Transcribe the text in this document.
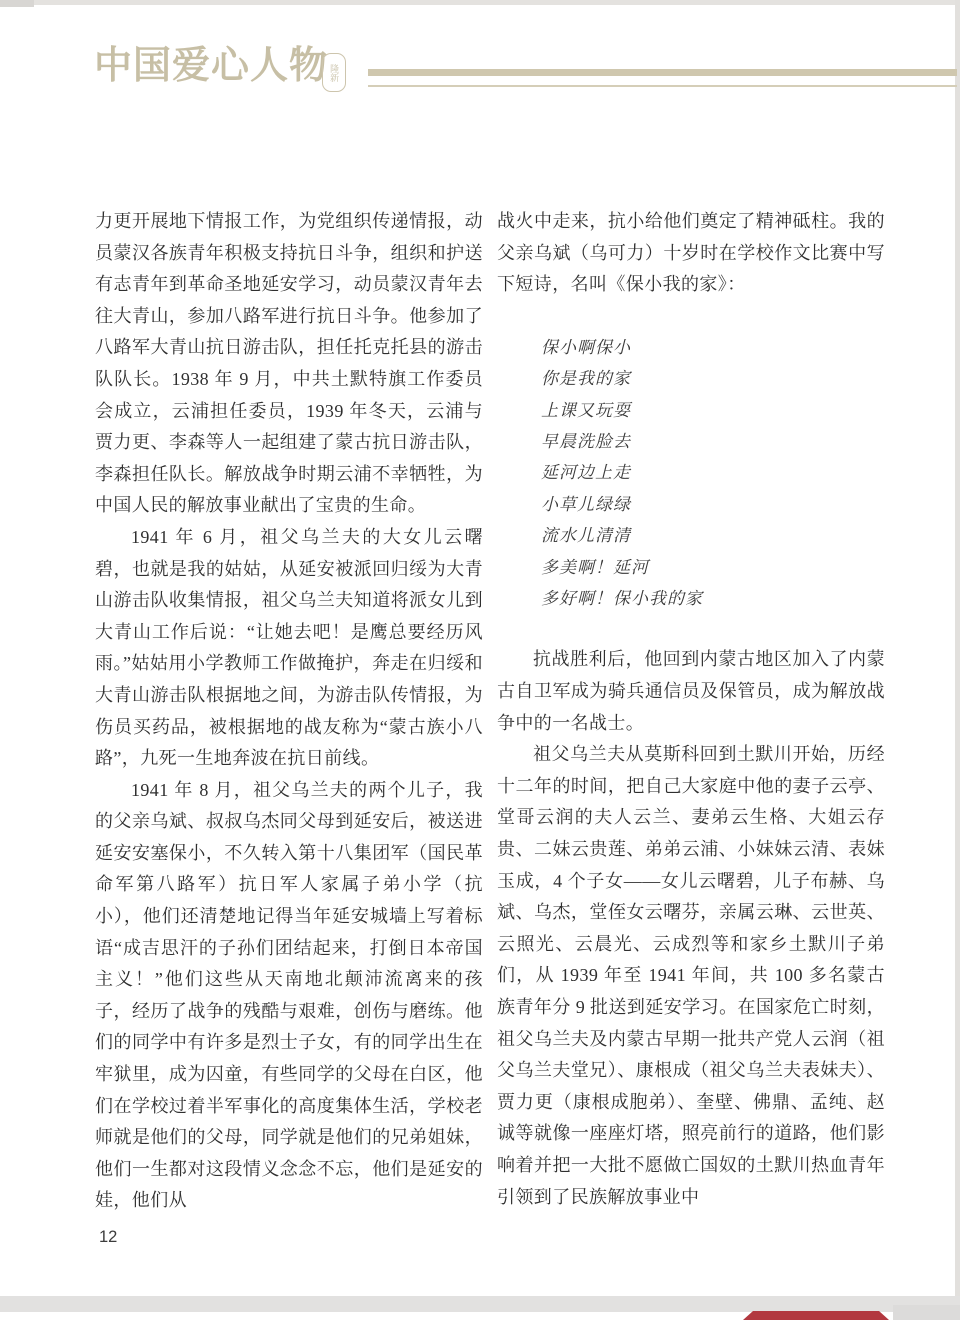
中国爱心人物 隆新

力更开展地下情报工作，为党组织传递情报，动员蒙汉各族青年积极支持抗日斗争，组织和护送有志青年到革命圣地延安学习，动员蒙汉青年去往大青山，参加八路军进行抗日斗争。他参加了八路军大青山抗日游击队，担任托克托县的游击队队长。1938 年 9 月，中共土默特旗工作委员会成立，云浦担任委员，1939 年冬天，云浦与贾力更、李森等人一起组建了蒙古抗日游击队，李森担任队长。解放战争时期云浦不幸牺牲，为中国人民的解放事业献出了宝贵的生命。

1941 年 6 月，祖父乌兰夫的大女儿云曙碧，也就是我的姑姑，从延安被派回归绥为大青山游击队收集情报，祖父乌兰夫知道将派女儿到大青山工作后说：“让她去吧！是鹰总要经历风雨。”姑姑用小学教师工作做掩护，奔走在归绥和大青山游击队根据地之间，为游击队传情报，为伤员买药品，被根据地的战友称为“蒙古族小八路”，九死一生地奔波在抗日前线。

1941 年 8 月，祖父乌兰夫的两个儿子，我的父亲乌斌、叔叔乌杰同父母到延安后，被送进延安安塞保小，不久转入第十八集团军（国民革命军第八路军）抗日军人家属子弟小学（抗小），他们还清楚地记得当年延安城墙上写着标语“成吉思汗的子孙们团结起来，打倒日本帝国主义！”他们这些从天南地北颠沛流离来的孩子，经历了战争的残酷与艰难，创伤与磨练。他们的同学中有许多是烈士子女，有的同学出生在牢狱里，成为囚童，有些同学的父母在白区，他们在学校过着半军事化的高度集体生活，学校老师就是他们的父母，同学就是他们的兄弟姐妹，他们一生都对这段情义念念不忘，他们是延安的娃，他们从

战火中走来，抗小给他们奠定了精神砥柱。我的父亲乌斌（乌可力）十岁时在学校作文比赛中写下短诗，名叫《保小我的家》：

保小啊保小
你是我的家
上课又玩耍
早晨洗脸去
延河边上走
小草儿绿绿
流水儿清清
多美啊！延河
多好啊！保小我的家

抗战胜利后，他回到内蒙古地区加入了内蒙古自卫军成为骑兵通信员及保管员，成为解放战争中的一名战士。

祖父乌兰夫从莫斯科回到土默川开始，历经十二年的时间，把自己大家庭中他的妻子云亭、堂哥云润的夫人云兰、妻弟云生格、大姐云存贵、二妹云贵莲、弟弟云浦、小妹妹云清、表妹玉成，4 个子女——女儿云曙碧，儿子布赫、乌斌、乌杰，堂侄女云曙芬，亲属云琳、云世英、云照光、云晨光、云成烈等和家乡土默川子弟们，从 1939 年至 1941 年间，共 100 多名蒙古族青年分 9 批送到延安学习。在国家危亡时刻，祖父乌兰夫及内蒙古早期一批共产党人云润（祖父乌兰夫堂兄）、康根成（祖父乌兰夫表妹夫）、贾力更（康根成胞弟）、奎壁、佛鼎、孟纯、赵诚等就像一座座灯塔，照亮前行的道路，他们影响着并把一大批不愿做亡国奴的土默川热血青年引领到了民族解放事业中

12
